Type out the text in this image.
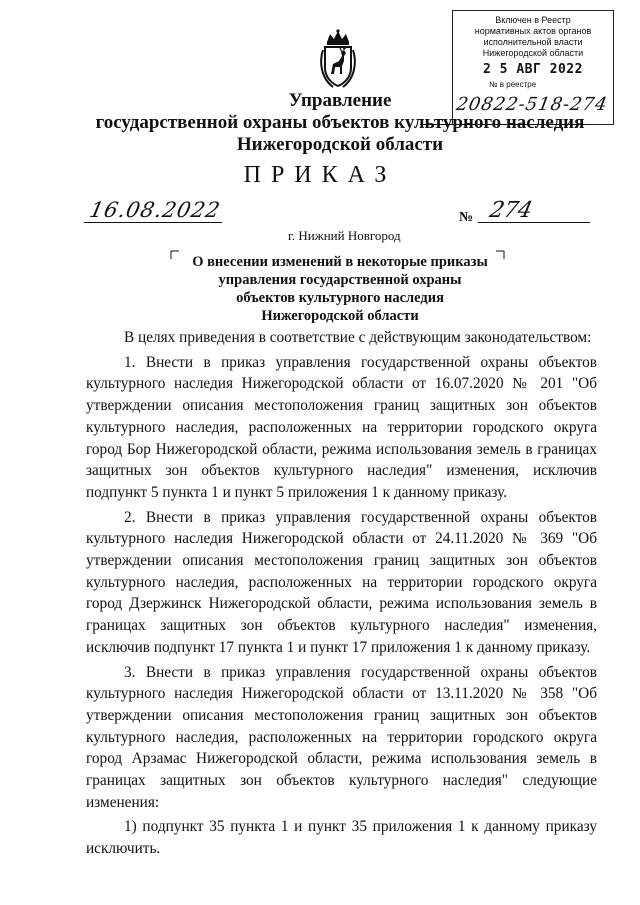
Включен в Реестр
нормативных актов органов
исполнительной власти
Нижегородской области
2 5 АВГ 2022
№ в реестре
20822-518-274
Управление
государственной охраны объектов культурного наследия
Нижегородской области
ПРИКАЗ
16.08.2022
г. Нижний Новгород
№ 274
О внесении изменений в некоторые приказы
управления государственной охраны
объектов культурного наследия
Нижегородской области

В целях приведения в соответствие с действующим законодательством:

1. Внести в приказ управления государственной охраны объектов культурного наследия Нижегородской области от 16.07.2020 № 201 "Об утверждении описания местоположения границ защитных зон объектов культурного наследия, расположенных на территории городского округа город Бор Нижегородской области, режима использования земель в границах защитных зон объектов культурного наследия" изменения, исключив подпункт 5 пункта 1 и пункт 5 приложения 1 к данному приказу.

2. Внести в приказ управления государственной охраны объектов культурного наследия Нижегородской области от 24.11.2020 № 369 "Об утверждении описания местоположения границ защитных зон объектов культурного наследия, расположенных на территории городского округа город Дзержинск Нижегородской области, режима использования земель в границах защитных зон объектов культурного наследия" изменения, исключив подпункт 17 пункта 1 и пункт 17 приложения 1 к данному приказу.

3. Внести в приказ управления государственной охраны объектов культурного наследия Нижегородской области от 13.11.2020 № 358 "Об утверждении описания местоположения границ защитных зон объектов культурного наследия, расположенных на территории городского округа город Арзамас Нижегородской области, режима использования земель в границах защитных зон объектов культурного наследия" следующие изменения:

1) подпункт 35 пункта 1 и пункт 35 приложения 1 к данному приказу исключить.
